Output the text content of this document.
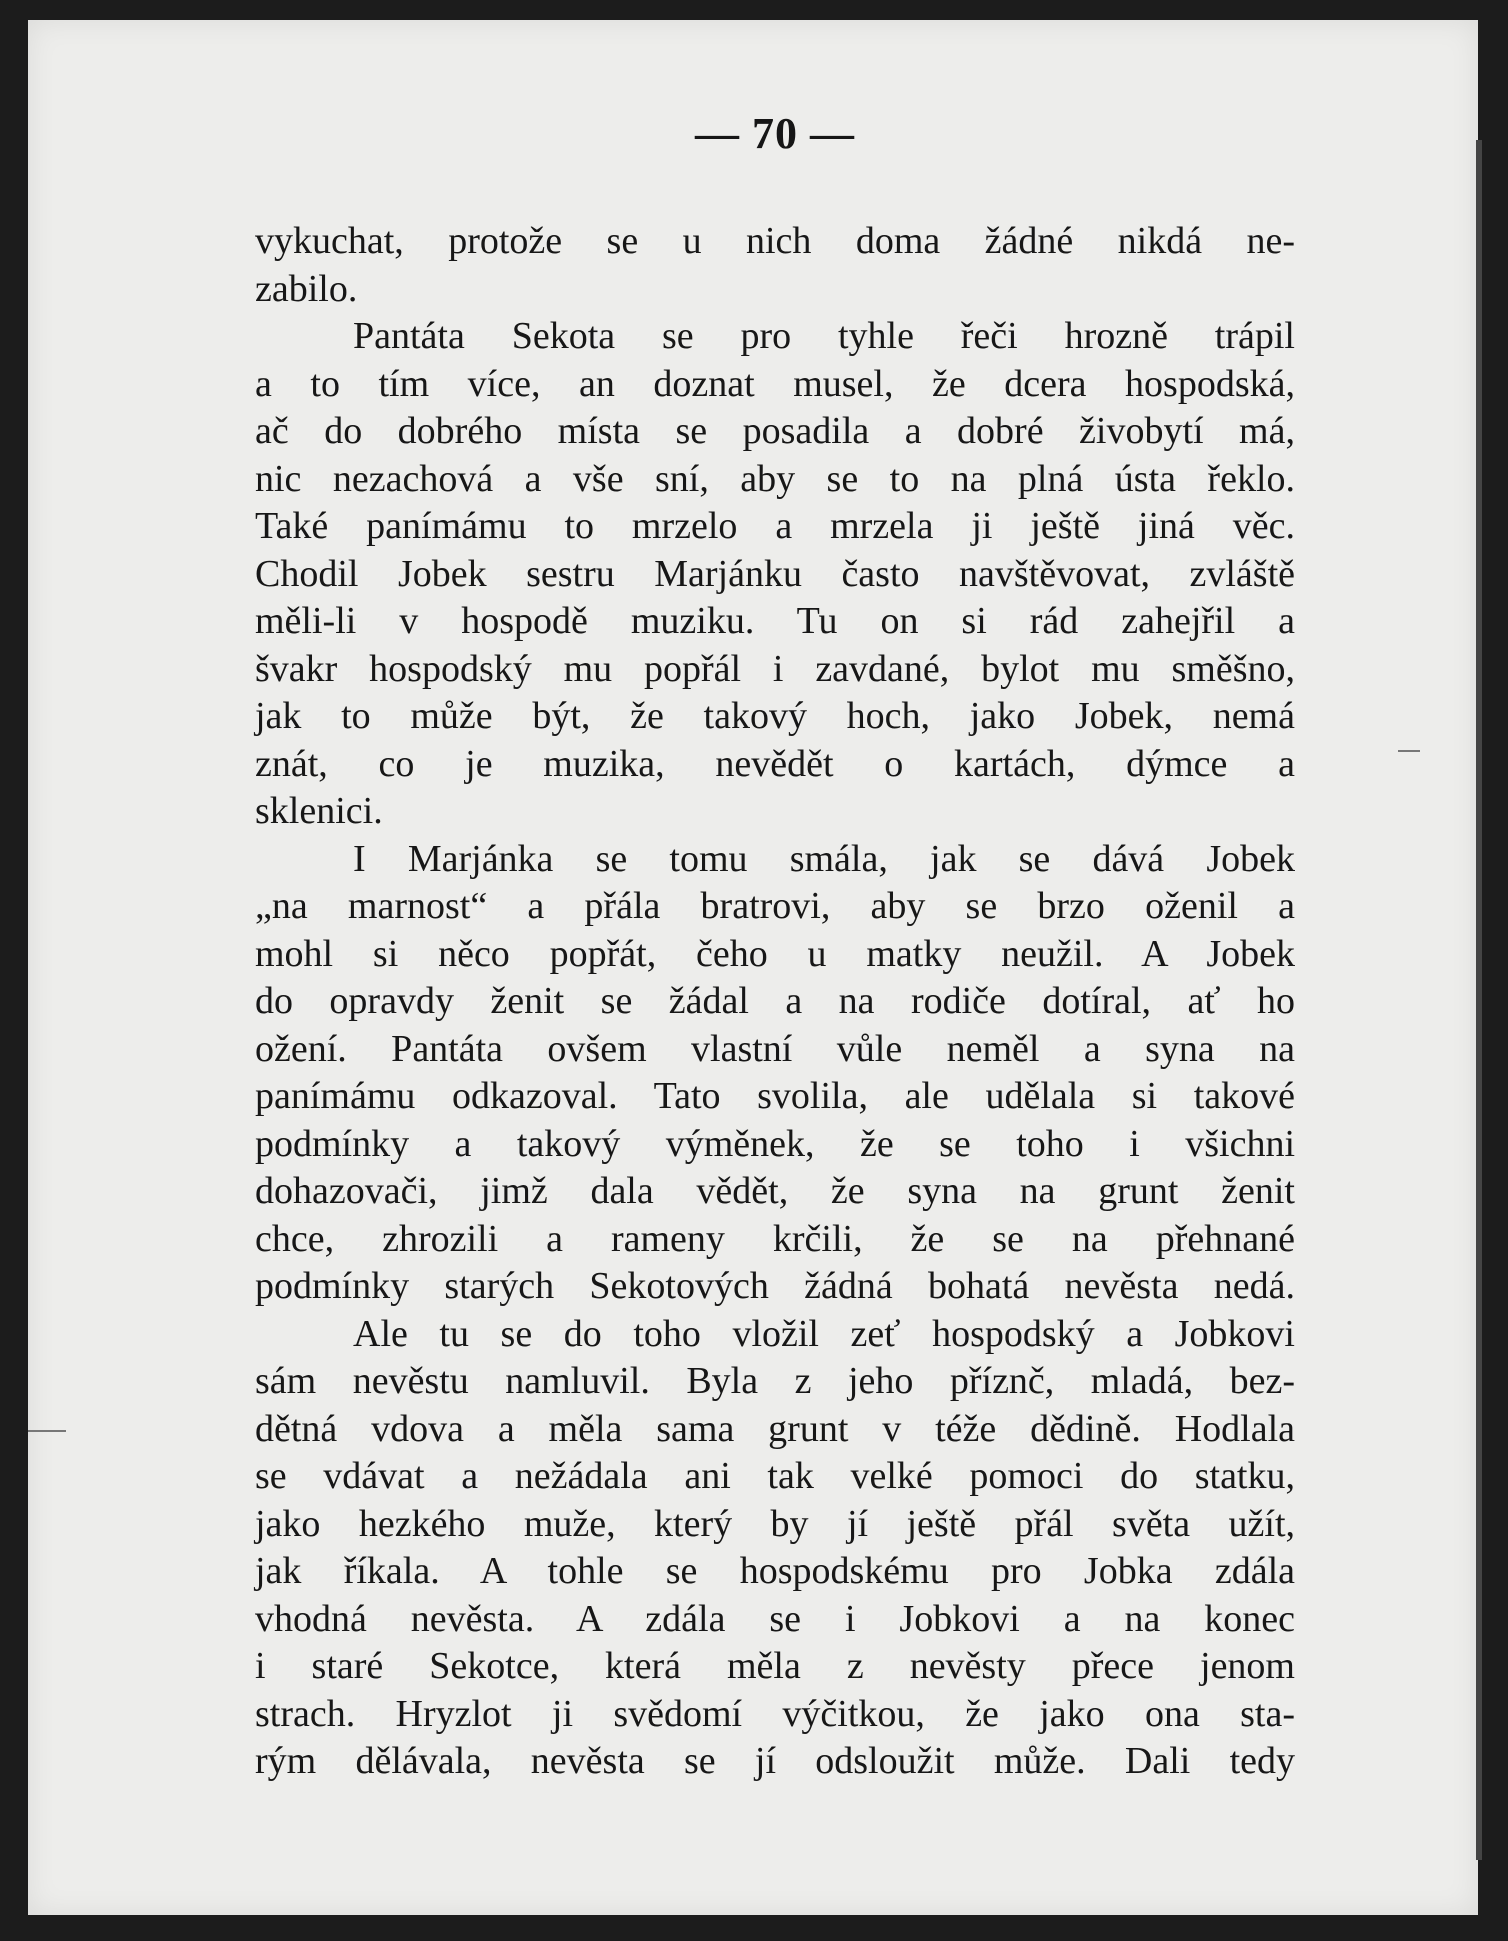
— 70 —
vykuchat, protože se u nich doma žádné nikdá ne-
zabilo.
Pantáta Sekota se pro tyhle řeči hrozně trápil
a to tím více, an doznat musel, že dcera hospodská,
ač do dobrého místa se posadila a dobré živobytí má,
nic nezachová a vše sní, aby se to na plná ústa řeklo.
Také panímámu to mrzelo a mrzela ji ještě jiná věc.
Chodil Jobek sestru Marjánku často navštěvovat, zvláště
měli-li v hospodě muziku. Tu on si rád zahejřil a
švakr hospodský mu popřál i zavdané, bylot mu směšno,
jak to může být, že takový hoch, jako Jobek, nemá
znát, co je muzika, nevědět o kartách, dýmce a
sklenici.
I Marjánka se tomu smála, jak se dává Jobek
„na marnost“ a přála bratrovi, aby se brzo oženil a
mohl si něco popřát, čeho u matky neužil. A Jobek
do opravdy ženit se žádal a na rodiče dotíral, ať ho
ožení. Pantáta ovšem vlastní vůle neměl a syna na
panímámu odkazoval. Tato svolila, ale udělala si takové
podmínky a takový výměnek, že se toho i všichni
dohazovači, jimž dala vědět, že syna na grunt ženit
chce, zhrozili a rameny krčili, že se na přehnané
podmínky starých Sekotových žádná bohatá nevěsta nedá.
Ale tu se do toho vložil zeť hospodský a Jobkovi
sám nevěstu namluvil. Byla z jeho příznč, mladá, bez-
dětná vdova a měla sama grunt v téže dědině. Hodlala
se vdávat a nežádala ani tak velké pomoci do statku,
jako hezkého muže, který by jí ještě přál světa užít,
jak říkala. A tohle se hospodskému pro Jobka zdála
vhodná nevěsta. A zdála se i Jobkovi a na konec
i staré Sekotce, která měla z nevěsty přece jenom
strach. Hryzlot ji svědomí výčitkou, že jako ona sta-
rým dělávala, nevěsta se jí odsloužit může. Dali tedy
